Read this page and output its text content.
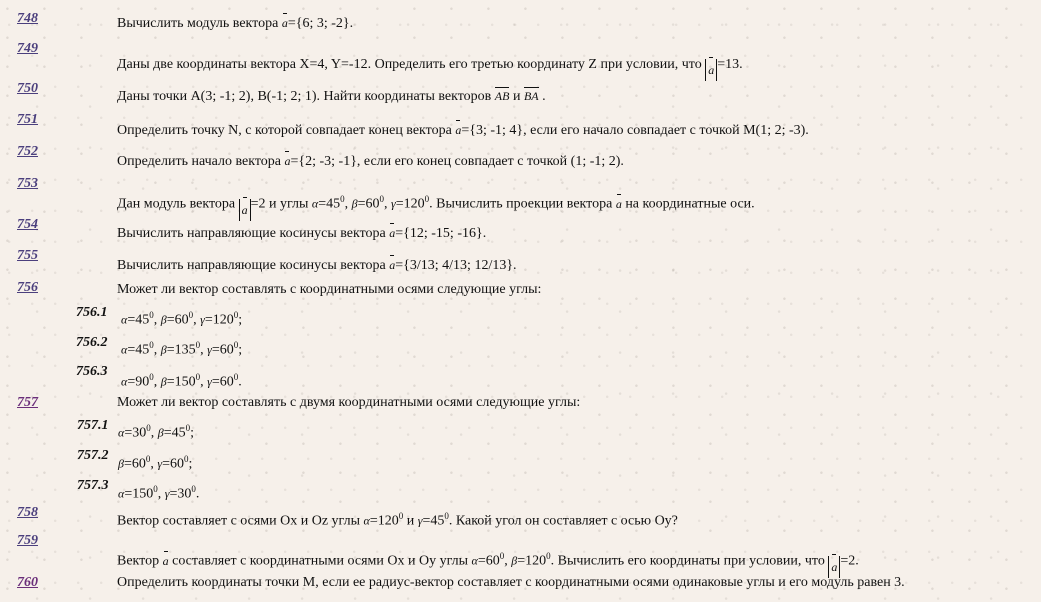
748	Вычислить модуль вектора a={6; 3; -2}.
749
Даны две координаты вектора X=4, Y=-12. Определить его третью координату Z при условии, что a =13.
750
Даны точки A(3; -1; 2), B(-1; 2; 1). Найти координаты векторов AB и BA .
751
Определить точку N, с которой совпадает конец вектора a={3; -1; 4}, если его начало совпадает с точкой M(1; 2; -3).
752
Определить начало вектора a={2; -3; -1}, если его конец совпадает с точкой (1; -1; 2).
753
Дан модуль вектора a =2 и углы $\alpha=45^0$, $\beta=60^0$, $\gamma=120^0$. Вычислить проекции вектора a на координатные оси.
754
Вычислить направляющие косинусы вектора a={12; -15; -16}.
755
Вычислить направляющие косинусы вектора a={3/13; 4/13; 12/13}.
756	Может ли вектор составлять с координатными осями следующие углы:
756.1 $\alpha=45^0$, $\beta=60^0$, $\gamma=120^0$;
756.2 $\alpha=45^0$, $\beta=135^0$, $\gamma=60^0$;
756.3
$\alpha=90^0$, $\beta=150^0$, $\gamma=60^0$.
757	Может ли вектор составлять с двумя координатными осями следующие углы:
757.1 $\alpha=30^0$, $\beta=45^0$;
757.2
$\beta=60^0$, $\gamma=60^0$;
757.3
$\alpha=150^0$, $\gamma=30^0$.
758
Вектор составляет с осями Ox и Oz углы $\alpha=120^0$ и $\gamma=45^0$. Какой угол он составляет с осью Oy?
759
Вектор a составляет с координатными осями Ox и Oy углы $\alpha=60^0$, $\beta=120^0$. Вычислить его координаты при условии, что a =2.
760	Определить координаты точки M, если ее радиус-вектор составляет с координатными осями одинаковые углы и его модуль равен 3.
